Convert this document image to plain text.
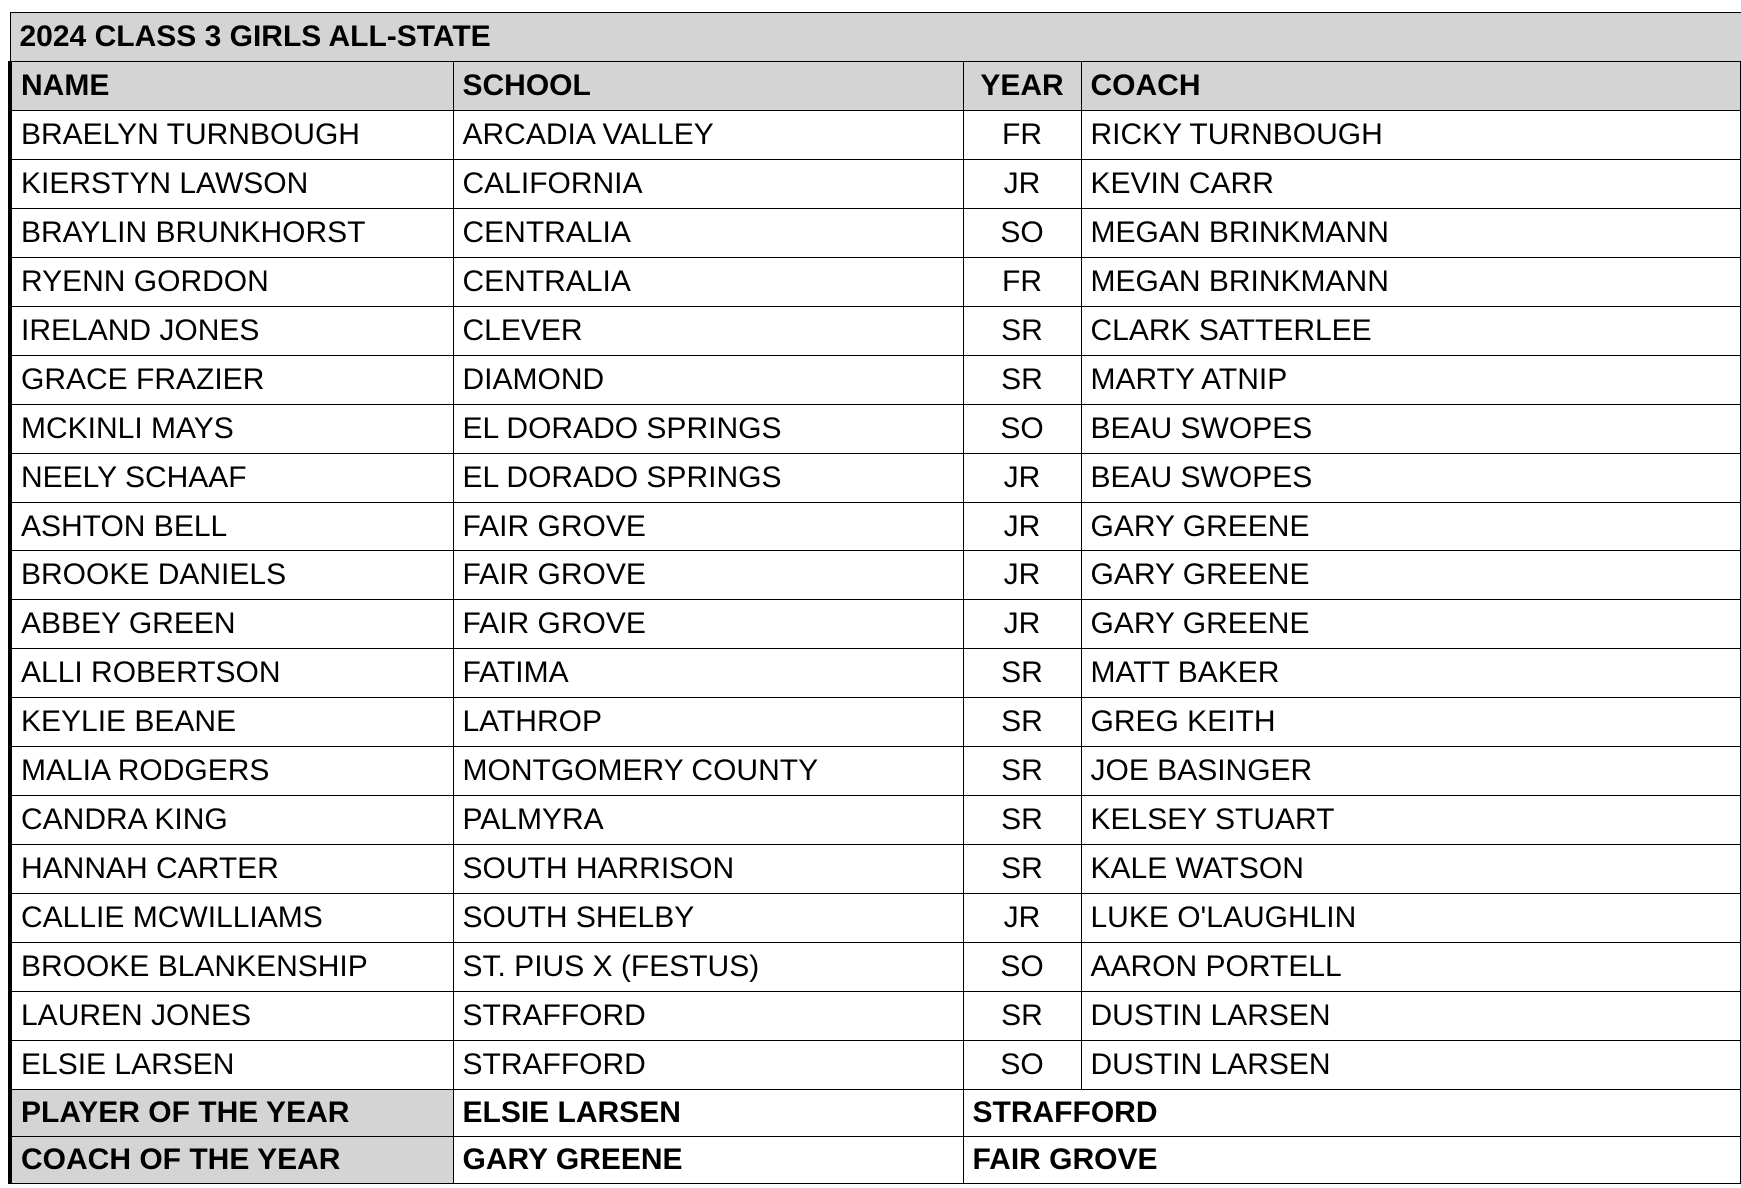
2024 CLASS 3 GIRLS ALL-STATE			
NAME	SCHOOL	YEAR	COACH
BRAELYN TURNBOUGH	ARCADIA VALLEY	FR	RICKY TURNBOUGH
KIERSTYN LAWSON	CALIFORNIA	JR	KEVIN CARR
BRAYLIN BRUNKHORST	CENTRALIA	SO	MEGAN BRINKMANN
RYENN GORDON	CENTRALIA	FR	MEGAN BRINKMANN
IRELAND JONES	CLEVER	SR	CLARK SATTERLEE
GRACE FRAZIER	DIAMOND	SR	MARTY ATNIP
MCKINLI MAYS	EL DORADO SPRINGS	SO	BEAU SWOPES
NEELY SCHAAF	EL DORADO SPRINGS	JR	BEAU SWOPES
ASHTON BELL	FAIR GROVE	JR	GARY GREENE
BROOKE DANIELS	FAIR GROVE	JR	GARY GREENE
ABBEY GREEN	FAIR GROVE	JR	GARY GREENE
ALLI ROBERTSON	FATIMA	SR	MATT BAKER
KEYLIE BEANE	LATHROP	SR	GREG KEITH
MALIA RODGERS	MONTGOMERY COUNTY	SR	JOE BASINGER
CANDRA KING	PALMYRA	SR	KELSEY STUART
HANNAH CARTER	SOUTH HARRISON	SR	KALE WATSON
CALLIE MCWILLIAMS	SOUTH SHELBY	JR	LUKE O'LAUGHLIN
BROOKE BLANKENSHIP	ST. PIUS X (FESTUS)	SO	AARON PORTELL
LAUREN JONES	STRAFFORD	SR	DUSTIN LARSEN
ELSIE LARSEN	STRAFFORD	SO	DUSTIN LARSEN
PLAYER OF THE YEAR	ELSIE LARSEN	STRAFFORD	
COACH OF THE YEAR	GARY GREENE	FAIR GROVE	
